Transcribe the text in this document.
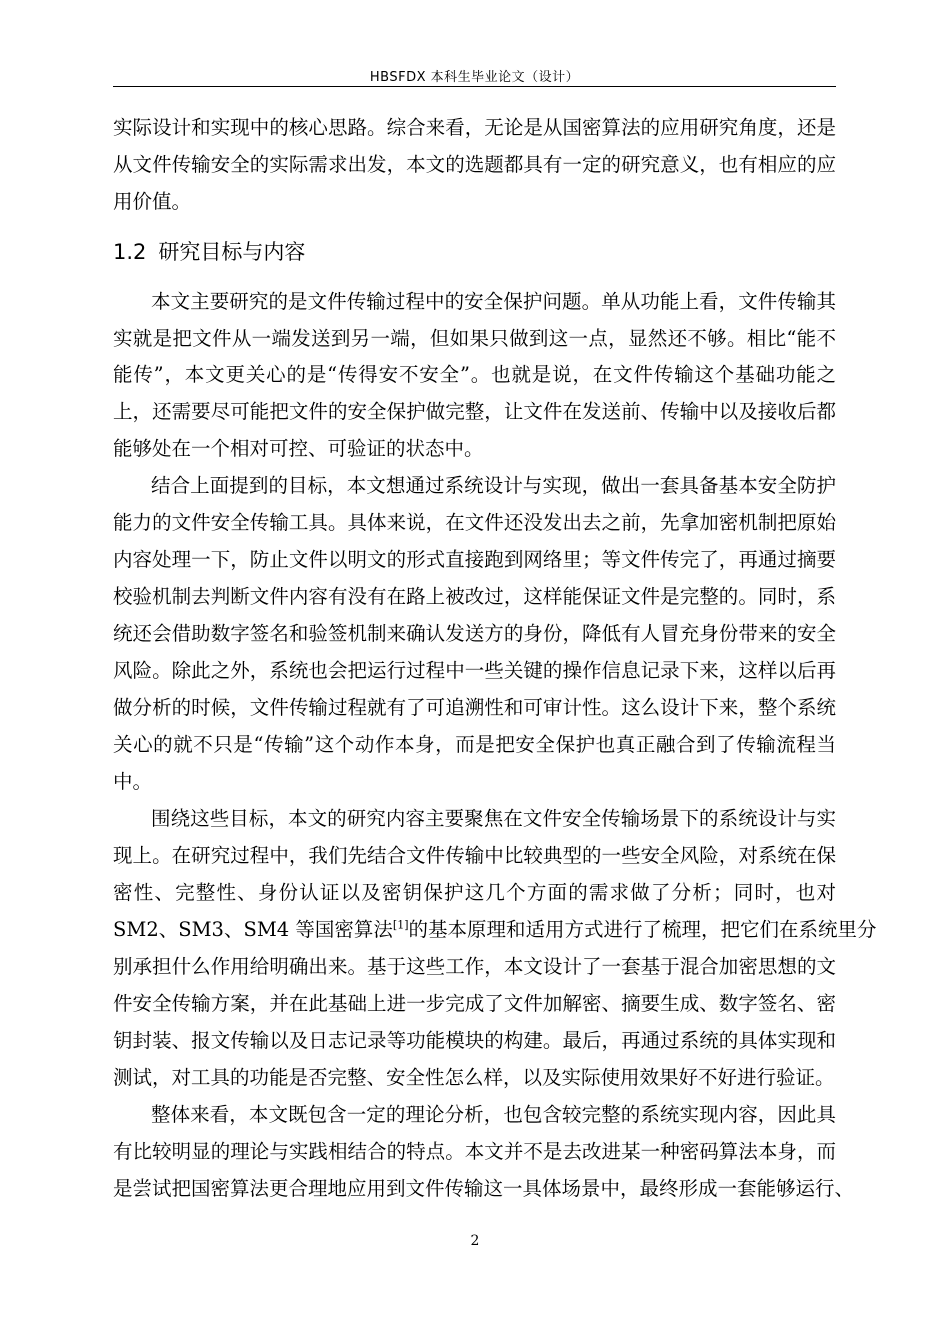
HBSFDX 本科生毕业论文（设计）
实际设计和实现中的核心思路。综合来看，无论是从国密算法的应用研究角度，还是
从文件传输安全的实际需求出发，本文的选题都具有一定的研究意义，也有相应的应
用价值。
1.2 研究目标与内容
本文主要研究的是文件传输过程中的安全保护问题。单从功能上看，文件传输其
实就是把文件从一端发送到另一端，但如果只做到这一点，显然还不够。相比“能不
能传”，本文更关心的是“传得安不安全”。也就是说，在文件传输这个基础功能之
上，还需要尽可能把文件的安全保护做完整，让文件在发送前、传输中以及接收后都
能够处在一个相对可控、可验证的状态中。
结合上面提到的目标，本文想通过系统设计与实现，做出一套具备基本安全防护
能力的文件安全传输工具。具体来说，在文件还没发出去之前，先拿加密机制把原始
内容处理一下，防止文件以明文的形式直接跑到网络里；等文件传完了，再通过摘要
校验机制去判断文件内容有没有在路上被改过，这样能保证文件是完整的。同时，系
统还会借助数字签名和验签机制来确认发送方的身份，降低有人冒充身份带来的安全
风险。除此之外，系统也会把运行过程中一些关键的操作信息记录下来，这样以后再
做分析的时候，文件传输过程就有了可追溯性和可审计性。这么设计下来，整个系统
关心的就不只是“传输”这个动作本身，而是把安全保护也真正融合到了传输流程当
中。
围绕这些目标，本文的研究内容主要聚焦在文件安全传输场景下的系统设计与实
现上。在研究过程中，我们先结合文件传输中比较典型的一些安全风险，对系统在保
密性、完整性、身份认证以及密钥保护这几个方面的需求做了分析；同时，也对
SM2、SM3、SM4 等国密算法[1]的基本原理和适用方式进行了梳理，把它们在系统里分
别承担什么作用给明确出来。基于这些工作，本文设计了一套基于混合加密思想的文
件安全传输方案，并在此基础上进一步完成了文件加解密、摘要生成、数字签名、密
钥封装、报文传输以及日志记录等功能模块的构建。最后，再通过系统的具体实现和
测试，对工具的功能是否完整、安全性怎么样，以及实际使用效果好不好进行验证。
整体来看，本文既包含一定的理论分析，也包含较完整的系统实现内容，因此具
有比较明显的理论与实践相结合的特点。本文并不是去改进某一种密码算法本身，而
是尝试把国密算法更合理地应用到文件传输这一具体场景中，最终形成一套能够运行、
2
